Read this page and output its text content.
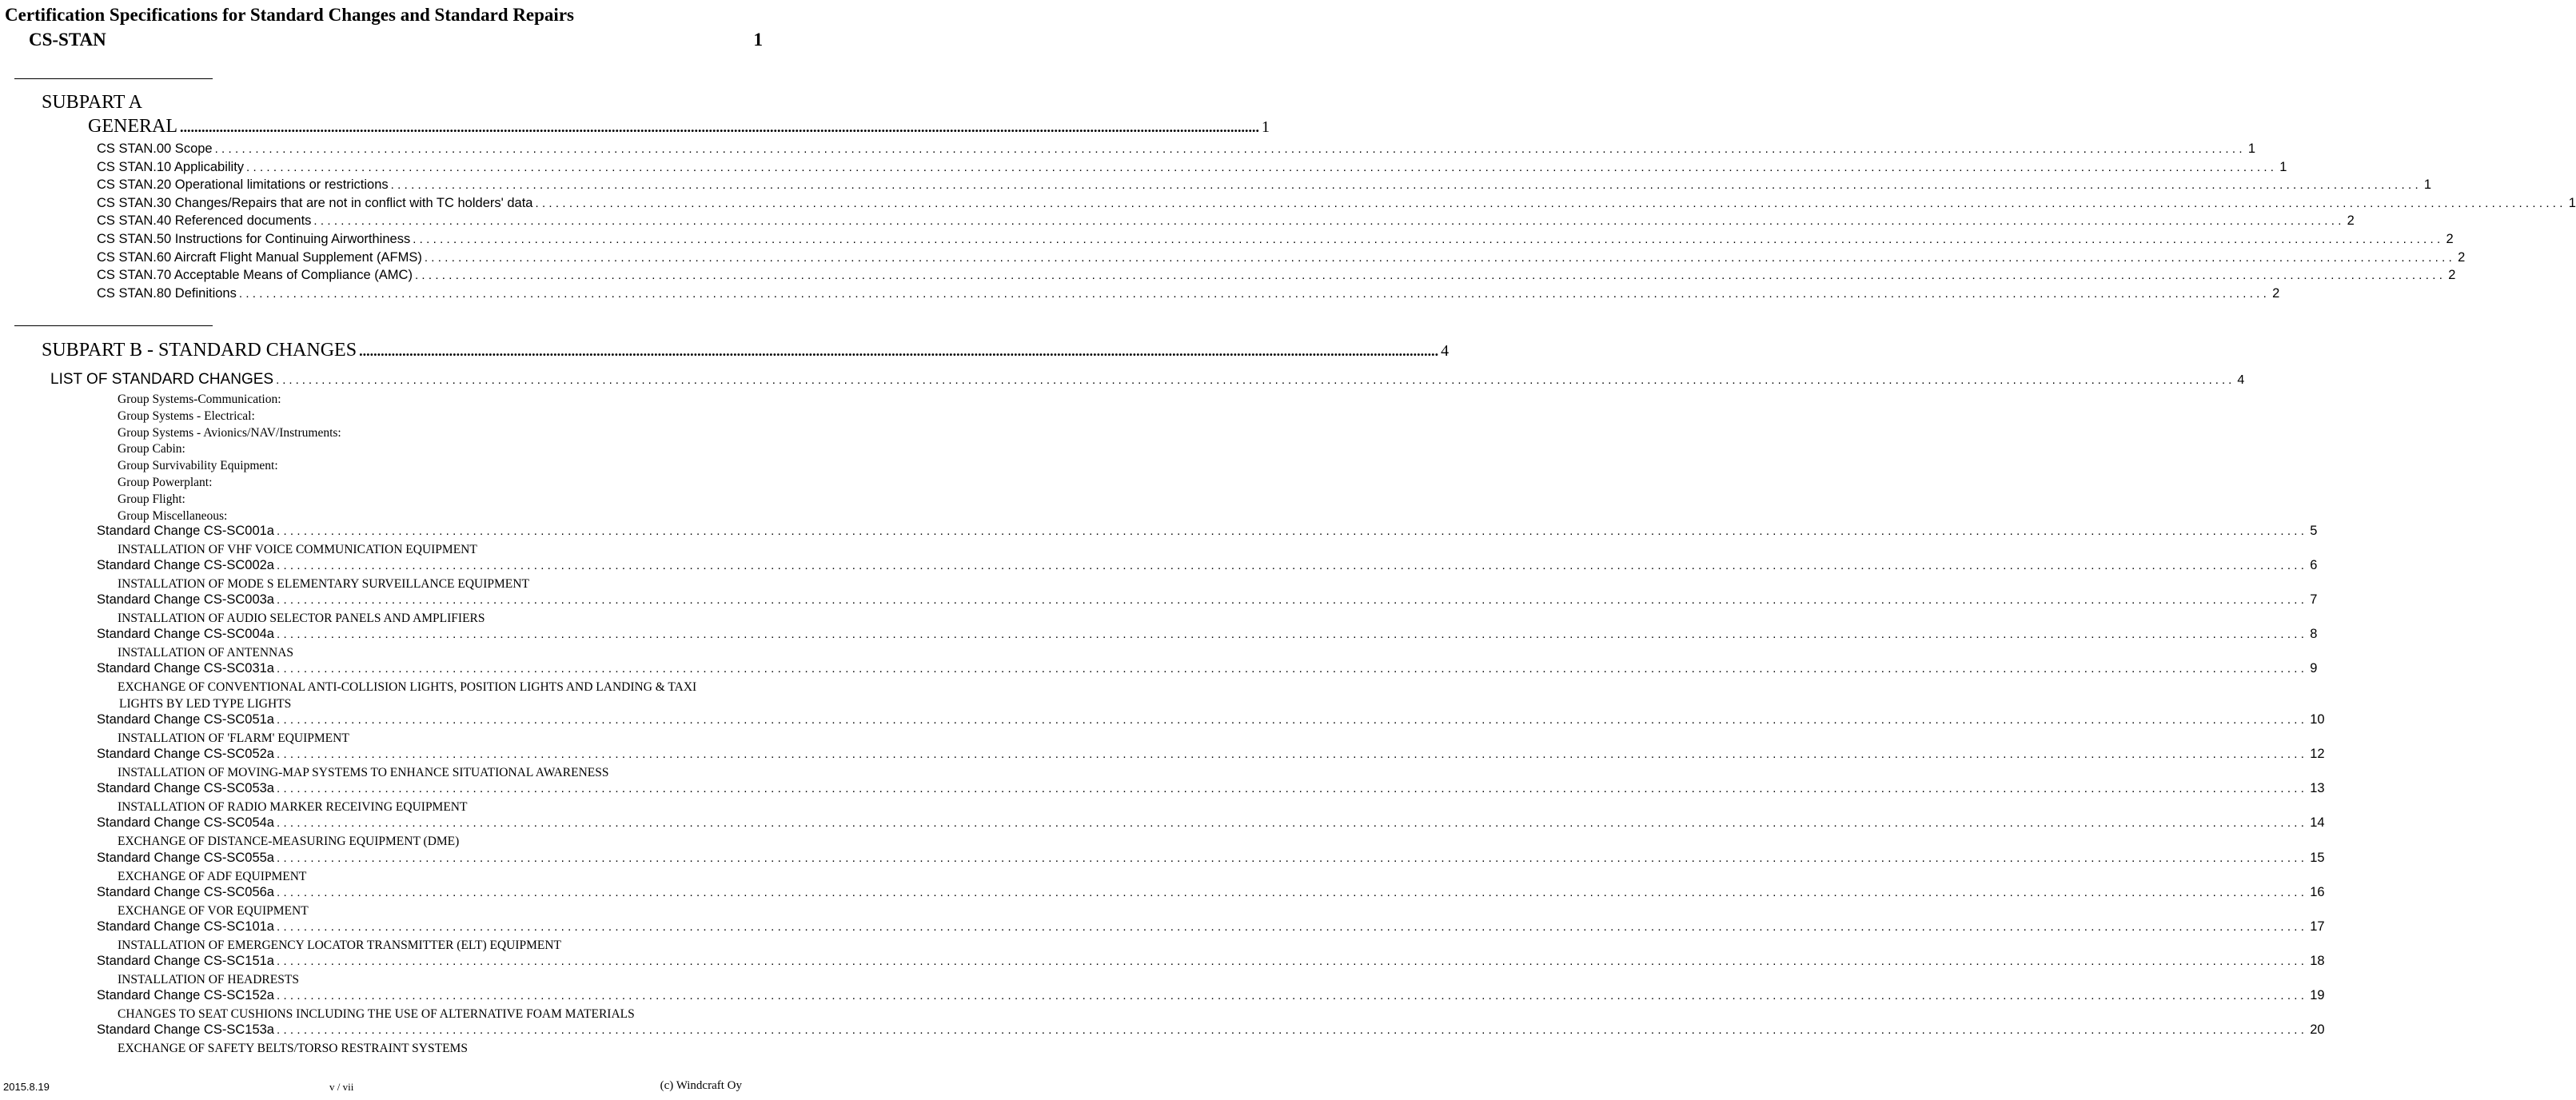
Certification Specifications for Standard Changes and Standard Repairs
CS-STAN	1
SUBPART A
GENERAL ............................................................................................................................................................................................................................................................................................................ 1
CS STAN.00 Scope ............................................................................................................................................................................................................................................................................................................ 1
CS STAN.10 Applicability ............................................................................................................................................................................................................................................................................................................ 1
CS STAN.20 Operational limitations or restrictions ............................................................................................................................................................................................................................................................................................................ 1
CS STAN.30 Changes/Repairs that are not in conflict with TC holders' data ............................................................................................................................................................................................................................................................................................................ 1
CS STAN.40 Referenced documents ............................................................................................................................................................................................................................................................................................................ 2
CS STAN.50 Instructions for Continuing Airworthiness ............................................................................................................................................................................................................................................................................................................ 2
CS STAN.60 Aircraft Flight Manual Supplement (AFMS) ............................................................................................................................................................................................................................................................................................................ 2
CS STAN.70 Acceptable Means of Compliance (AMC) ............................................................................................................................................................................................................................................................................................................ 2
CS STAN.80 Definitions ............................................................................................................................................................................................................................................................................................................ 2
SUBPART B - STANDARD CHANGES ............................................................................................................................................................................................................................................................................................................ 4
LIST OF STANDARD CHANGES ............................................................................................................................................................................................................................................................................................................ 4
Group Systems-Communication:
Group Systems - Electrical:
Group Systems - Avionics/NAV/Instruments:
Group Cabin:
Group Survivability Equipment:
Group Powerplant:
Group Flight:
Group Miscellaneous:
Standard Change CS-SC001a ............................................................................................................................................................................................................................................................................................................ 5
INSTALLATION OF VHF VOICE COMMUNICATION EQUIPMENT
Standard Change CS-SC002a ............................................................................................................................................................................................................................................................................................................ 6
INSTALLATION OF MODE S ELEMENTARY SURVEILLANCE EQUIPMENT
Standard Change CS-SC003a ............................................................................................................................................................................................................................................................................................................ 7
INSTALLATION OF AUDIO SELECTOR PANELS AND AMPLIFIERS
Standard Change CS-SC004a ............................................................................................................................................................................................................................................................................................................ 8
INSTALLATION OF ANTENNAS
Standard Change CS-SC031a ............................................................................................................................................................................................................................................................................................................ 9
EXCHANGE OF CONVENTIONAL ANTI-COLLISION LIGHTS, POSITION LIGHTS AND LANDING & TAXI
LIGHTS BY LED TYPE LIGHTS
Standard Change CS-SC051a ............................................................................................................................................................................................................................................................................................................ 10
INSTALLATION OF 'FLARM' EQUIPMENT
Standard Change CS-SC052a ............................................................................................................................................................................................................................................................................................................ 12
INSTALLATION OF MOVING-MAP SYSTEMS TO ENHANCE SITUATIONAL AWARENESS
Standard Change CS-SC053a ............................................................................................................................................................................................................................................................................................................ 13
INSTALLATION OF RADIO MARKER RECEIVING EQUIPMENT
Standard Change CS-SC054a ............................................................................................................................................................................................................................................................................................................ 14
EXCHANGE OF DISTANCE-MEASURING EQUIPMENT (DME)
Standard Change CS-SC055a ............................................................................................................................................................................................................................................................................................................ 15
EXCHANGE OF ADF EQUIPMENT
Standard Change CS-SC056a ............................................................................................................................................................................................................................................................................................................ 16
EXCHANGE OF VOR EQUIPMENT
Standard Change CS-SC101a ............................................................................................................................................................................................................................................................................................................ 17
INSTALLATION OF EMERGENCY LOCATOR TRANSMITTER (ELT) EQUIPMENT
Standard Change CS-SC151a ............................................................................................................................................................................................................................................................................................................ 18
INSTALLATION OF HEADRESTS
Standard Change CS-SC152a ............................................................................................................................................................................................................................................................................................................ 19
CHANGES TO SEAT CUSHIONS INCLUDING THE USE OF ALTERNATIVE FOAM MATERIALS
Standard Change CS-SC153a ............................................................................................................................................................................................................................................................................................................ 20
EXCHANGE OF SAFETY BELTS/TORSO RESTRAINT SYSTEMS
2015.8.19	v / vii	(c) Windcraft Oy
